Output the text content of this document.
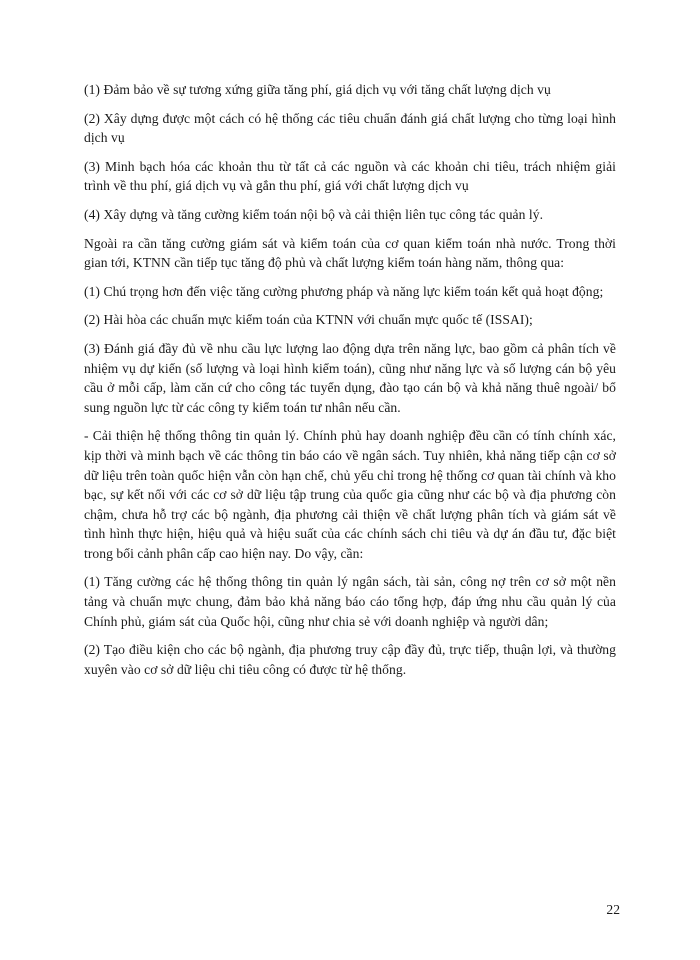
(1) Đảm bảo về sự tương xứng giữa tăng phí, giá dịch vụ với tăng chất lượng dịch vụ

(2) Xây dựng được một cách có hệ thống các tiêu chuẩn đánh giá chất lượng cho từng loại hình dịch vụ

(3) Minh bạch hóa các khoản thu từ tất cả các nguồn và các khoản chi tiêu, trách nhiệm giải trình về thu phí, giá dịch vụ và gắn thu phí, giá với chất lượng dịch vụ

(4) Xây dựng và tăng cường kiểm toán nội bộ và cải thiện liên tục công tác quản lý.

Ngoài ra cần tăng cường giám sát và kiểm toán của cơ quan kiểm toán nhà nước. Trong thời gian tới, KTNN cần tiếp tục tăng độ phủ và chất lượng kiểm toán hàng năm, thông qua:

(1) Chú trọng hơn đến việc tăng cường phương pháp và năng lực kiểm toán kết quả hoạt động;

(2) Hài hòa các chuẩn mực kiểm toán của KTNN với chuẩn mực quốc tế (ISSAI);

(3) Đánh giá đầy đủ về nhu cầu lực lượng lao động dựa trên năng lực, bao gồm cả phân tích về nhiệm vụ dự kiến (số lượng và loại hình kiểm toán), cũng như năng lực và số lượng cán bộ yêu cầu ở mỗi cấp, làm căn cứ cho công tác tuyển dụng, đào tạo cán bộ và khả năng thuê ngoài/ bổ sung nguồn lực từ các công ty kiểm toán tư nhân nếu cần.

- Cải thiện hệ thống thông tin quản lý. Chính phủ hay doanh nghiệp đều cần có tính chính xác, kịp thời và minh bạch về các thông tin báo cáo về ngân sách. Tuy nhiên, khả năng tiếp cận cơ sở dữ liệu trên toàn quốc hiện vẫn còn hạn chế, chủ yếu chỉ trong hệ thống cơ quan tài chính và kho bạc, sự kết nối với các cơ sở dữ liệu tập trung của quốc gia cũng như các bộ và địa phương còn chậm, chưa hỗ trợ các bộ ngành, địa phương cải thiện về chất lượng phân tích và giám sát về tình hình thực hiện, hiệu quả và hiệu suất của các chính sách chi tiêu và dự án đầu tư, đặc biệt trong bối cảnh phân cấp cao hiện nay. Do vậy, cần:

(1) Tăng cường các hệ thống thông tin quản lý ngân sách, tài sản, công nợ trên cơ sở một nền tảng và chuẩn mực chung, đảm bảo khả năng báo cáo tổng hợp, đáp ứng nhu cầu quản lý của Chính phủ, giám sát của Quốc hội, cũng như chia sẻ với doanh nghiệp và người dân;

(2) Tạo điều kiện cho các bộ ngành, địa phương truy cập đầy đủ, trực tiếp, thuận lợi, và thường xuyên vào cơ sở dữ liệu chi tiêu công có được từ hệ thống.

22
